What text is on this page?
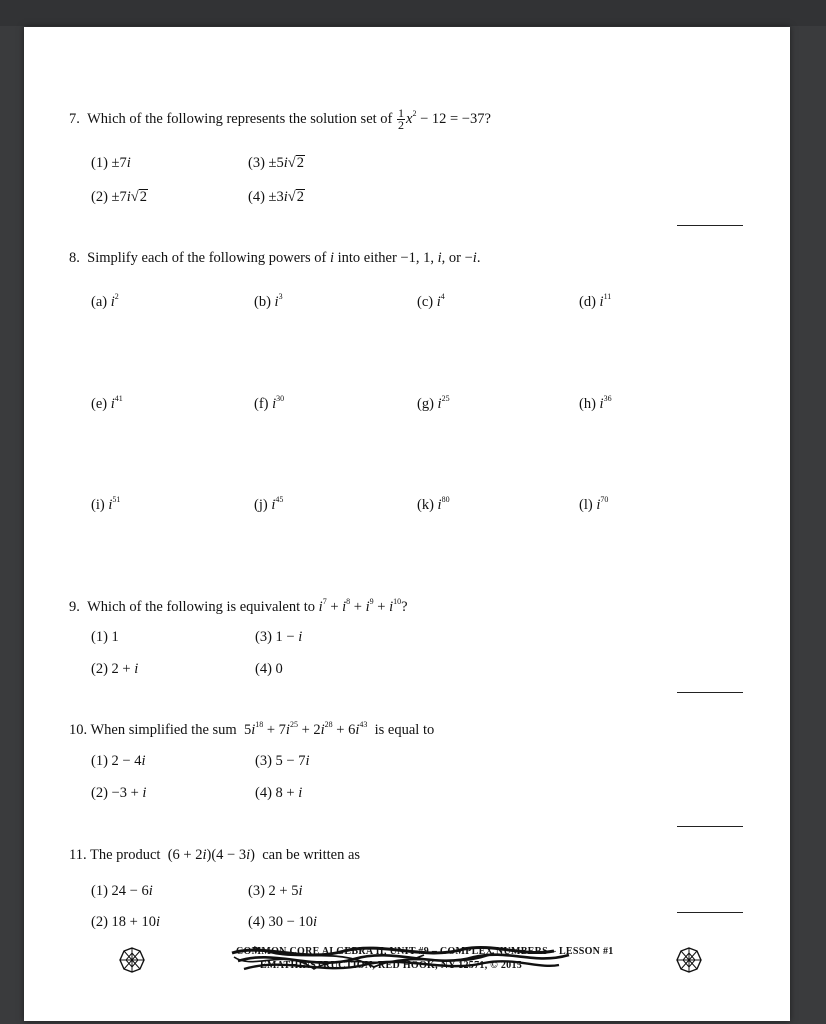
7. Which of the following represents the solution set of $\frac{1}{2} x^2 - 12 = -37$?
(1) ±7i	(3) ±5i√2
(2) ±7i√2	(4) ±3i√2
8.  Simplify each of the following powers of i into either −1, 1, i, or −i.
(a) $i^2$	(b) $i^3$	(c) $i^4$	(d) $i^{11}$
(e) $i^{41}$	(f) $i^{30}$	(g) $i^{25}$	(h) $i^{36}$
(i) $i^{51}$	(j) $i^{45}$	(k) $i^{80}$	(l) $i^{70}$
9. Which of the following is equivalent to $i^7 + i^8 + i^9 + i^{10}$?
(1) 1	(3) 1 − i
(2) 2 + i	(4) 0
10. When simplified the sum  $5i^{18} + 7i^{25} + 2i^{28} + 6i^{43}$ is equal to
(1) 2 − 4i	(3) 5 − 7i
(2) −3 + i	(4) 8 + i
11. The product  (6 + 2i)(4 − 3i)  can be written as
(1) 24 − 6i	(3) 2 + 5i
(2) 18 + 10i	(4) 30 − 10i
COMMON CORE ALGEBRA II, UNIT #9 – COMPLEX NUMBERS – LESSON #1
EMATHINSTRUCTION, RED HOOK, NY 12571, © 2015
